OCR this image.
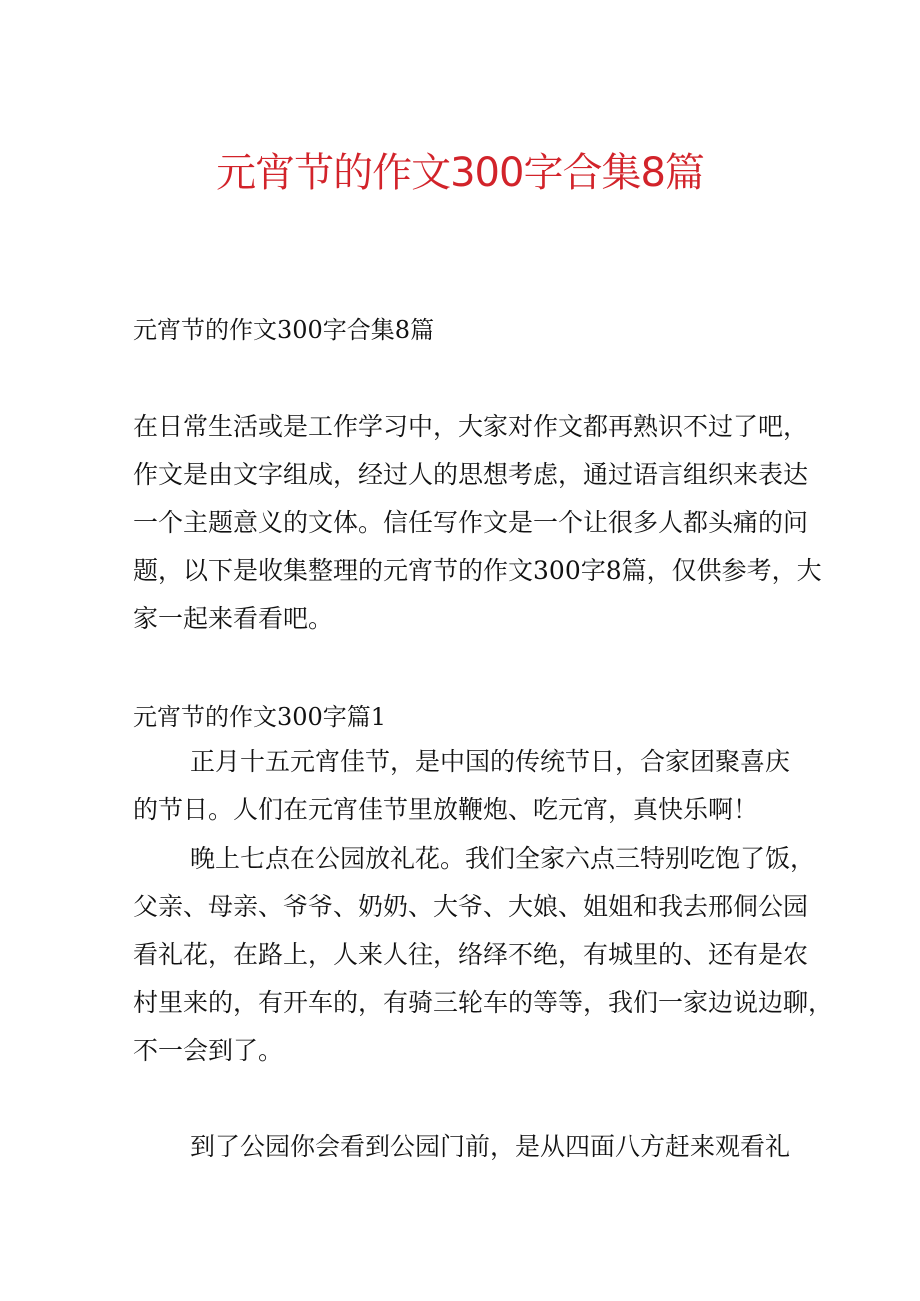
元宵节的作文300字合集8篇
元宵节的作文300字合集8篇
在日常生活或是工作学习中，大家对作文都再熟识不过了吧，
作文是由文字组成，经过人的思想考虑，通过语言组织来表达
一个主题意义的文体。信任写作文是一个让很多人都头痛的问
题，以下是收集整理的元宵节的作文300字8篇，仅供参考，大
家一起来看看吧。
元宵节的作文300字篇1
正月十五元宵佳节，是中国的传统节日，合家团聚喜庆
的节日。人们在元宵佳节里放鞭炮、吃元宵，真快乐啊！
晚上七点在公园放礼花。我们全家六点三特别吃饱了饭，
父亲、母亲、爷爷、奶奶、大爷、大娘、姐姐和我去邢侗公园
看礼花，在路上，人来人往，络绎不绝，有城里的、还有是农
村里来的，有开车的，有骑三轮车的等等，我们一家边说边聊，
不一会到了。
到了公园你会看到公园门前，是从四面八方赶来观看礼
